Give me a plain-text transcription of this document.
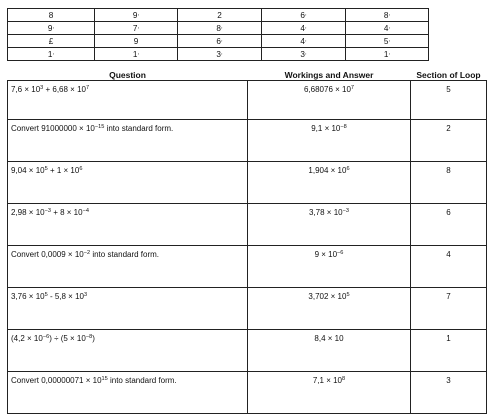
8	9,	2	6,	8,
9,	7,	8,	4,	4,
£	9	6,	4,	5,
1,	1,	3,	3,	1,
Question	Workings and Answer	Section of Loop
$7,6 \times 10^3 + 6,68 \times 10^7$	$6,68076 \times 10^7$	5
Convert $91000000 \times 10^{-15}$ into standard form.	$9,1 \times 10^{-8}$	2
$9,04 \times 10^5 + 1 \times 10^6$	$1,904 \times 10^6$	8
$2,98 \times 10^{-3} + 8 \times 10^{-4}$	$3,78 \times 10^{-3}$	6
Convert $0,0009 \times 10^{-2}$ into standard form.	$9 \times 10^{-6}$	4
$3,76 \times 10^5 - 5,8 \times 10^3$	$3,702 \times 10^5$	7
$(4,2 \times 10^{-6}) \div (5 \times 10^{-8})$	8,4 × 10	1
Convert $0,00000071 \times 10^{15}$ into standard form.	$7,1 \times 10^8$	3
